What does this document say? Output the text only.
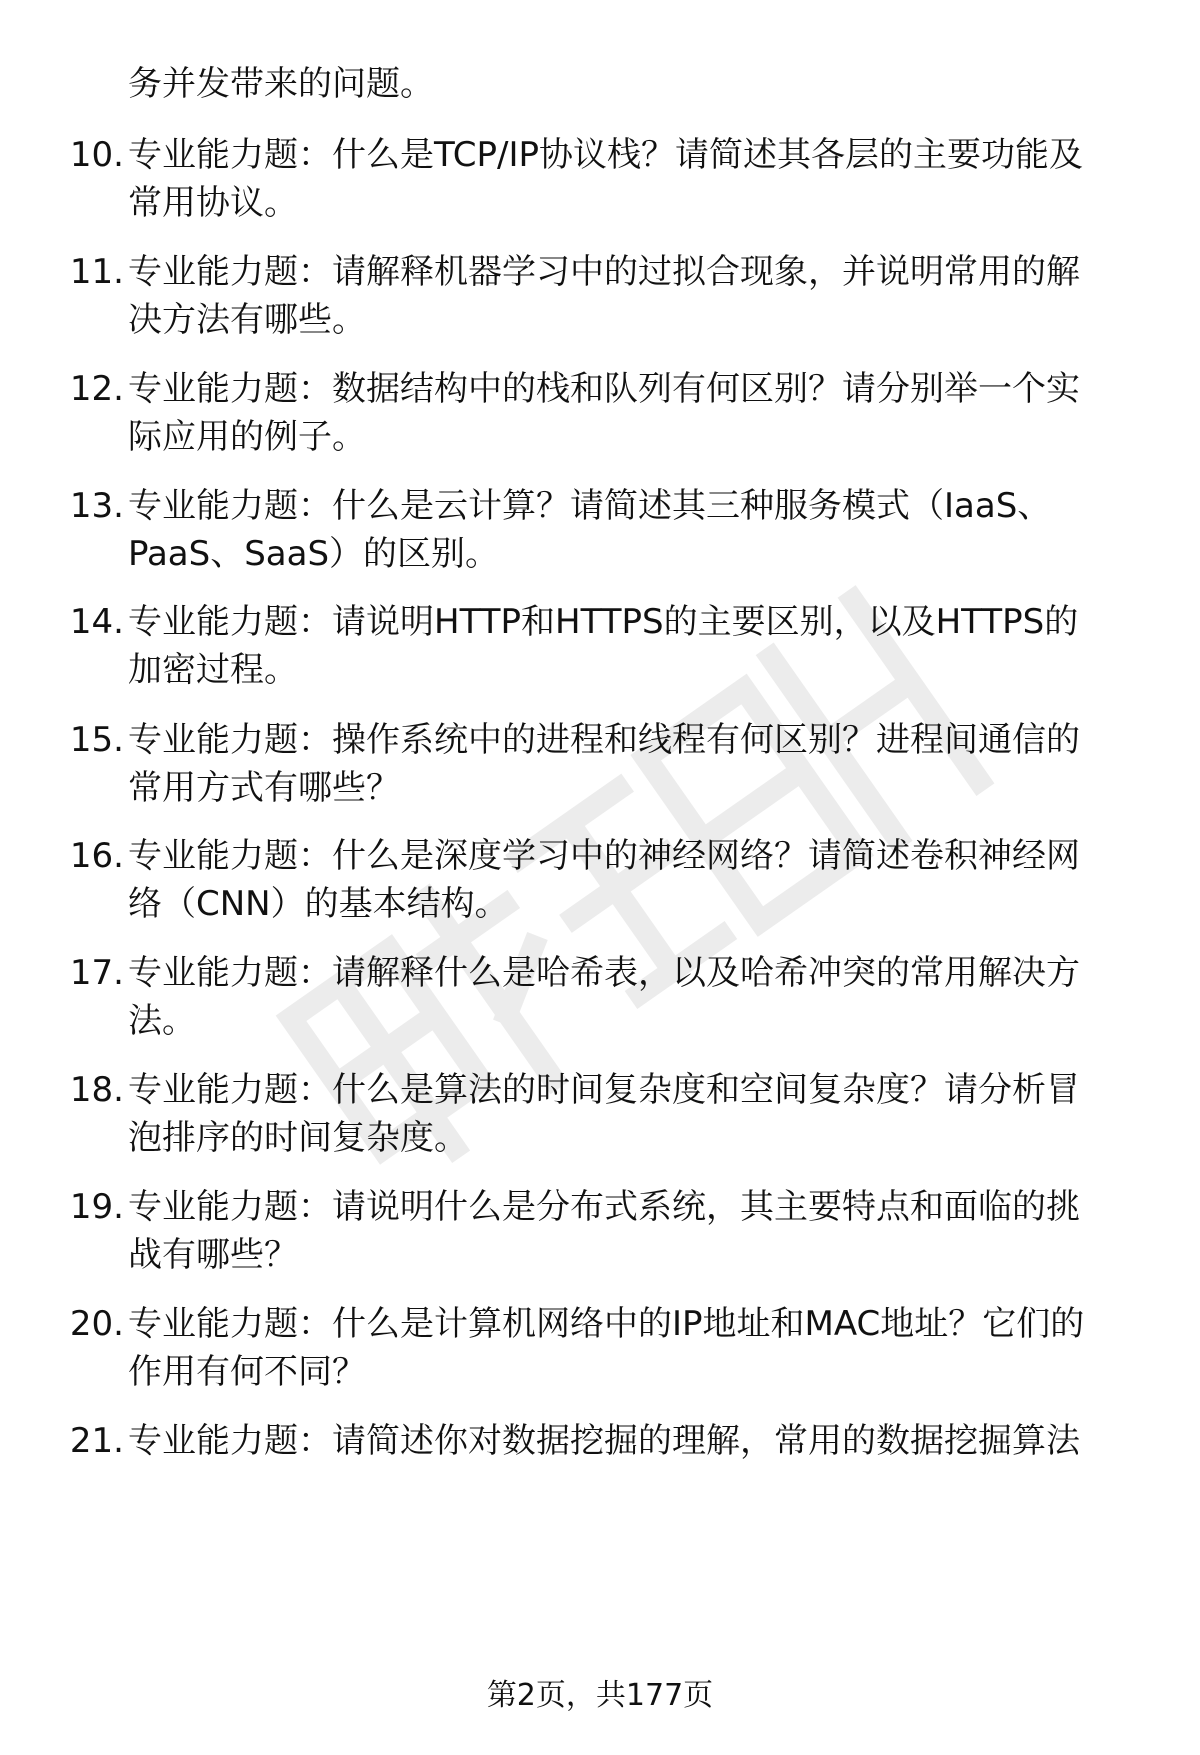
务并发带来的问题。
10. 专业能力题：什么是TCP/IP协议栈？请简述其各层的主要功能及
常用协议。
11. 专业能力题：请解释机器学习中的过拟合现象，并说明常用的解
决方法有哪些。
12. 专业能力题：数据结构中的栈和队列有何区别？请分别举一个实
际应用的例子。
13. 专业能力题：什么是云计算？请简述其三种服务模式（IaaS、
PaaS、SaaS）的区别。
14. 专业能力题：请说明HTTP和HTTPS的主要区别，以及HTTPS的
加密过程。
15. 专业能力题：操作系统中的进程和线程有何区别？进程间通信的
常用方式有哪些？
16. 专业能力题：什么是深度学习中的神经网络？请简述卷积神经网
络（CNN）的基本结构。
17. 专业能力题：请解释什么是哈希表，以及哈希冲突的常用解决方
法。
18. 专业能力题：什么是算法的时间复杂度和空间复杂度？请分析冒
泡排序的时间复杂度。
19. 专业能力题：请说明什么是分布式系统，其主要特点和面临的挑
战有哪些？
20. 专业能力题：什么是计算机网络中的IP地址和MAC地址？它们的
作用有何不同？
21. 专业能力题：请简述你对数据挖掘的理解，常用的数据挖掘算法
第2页，共177页
